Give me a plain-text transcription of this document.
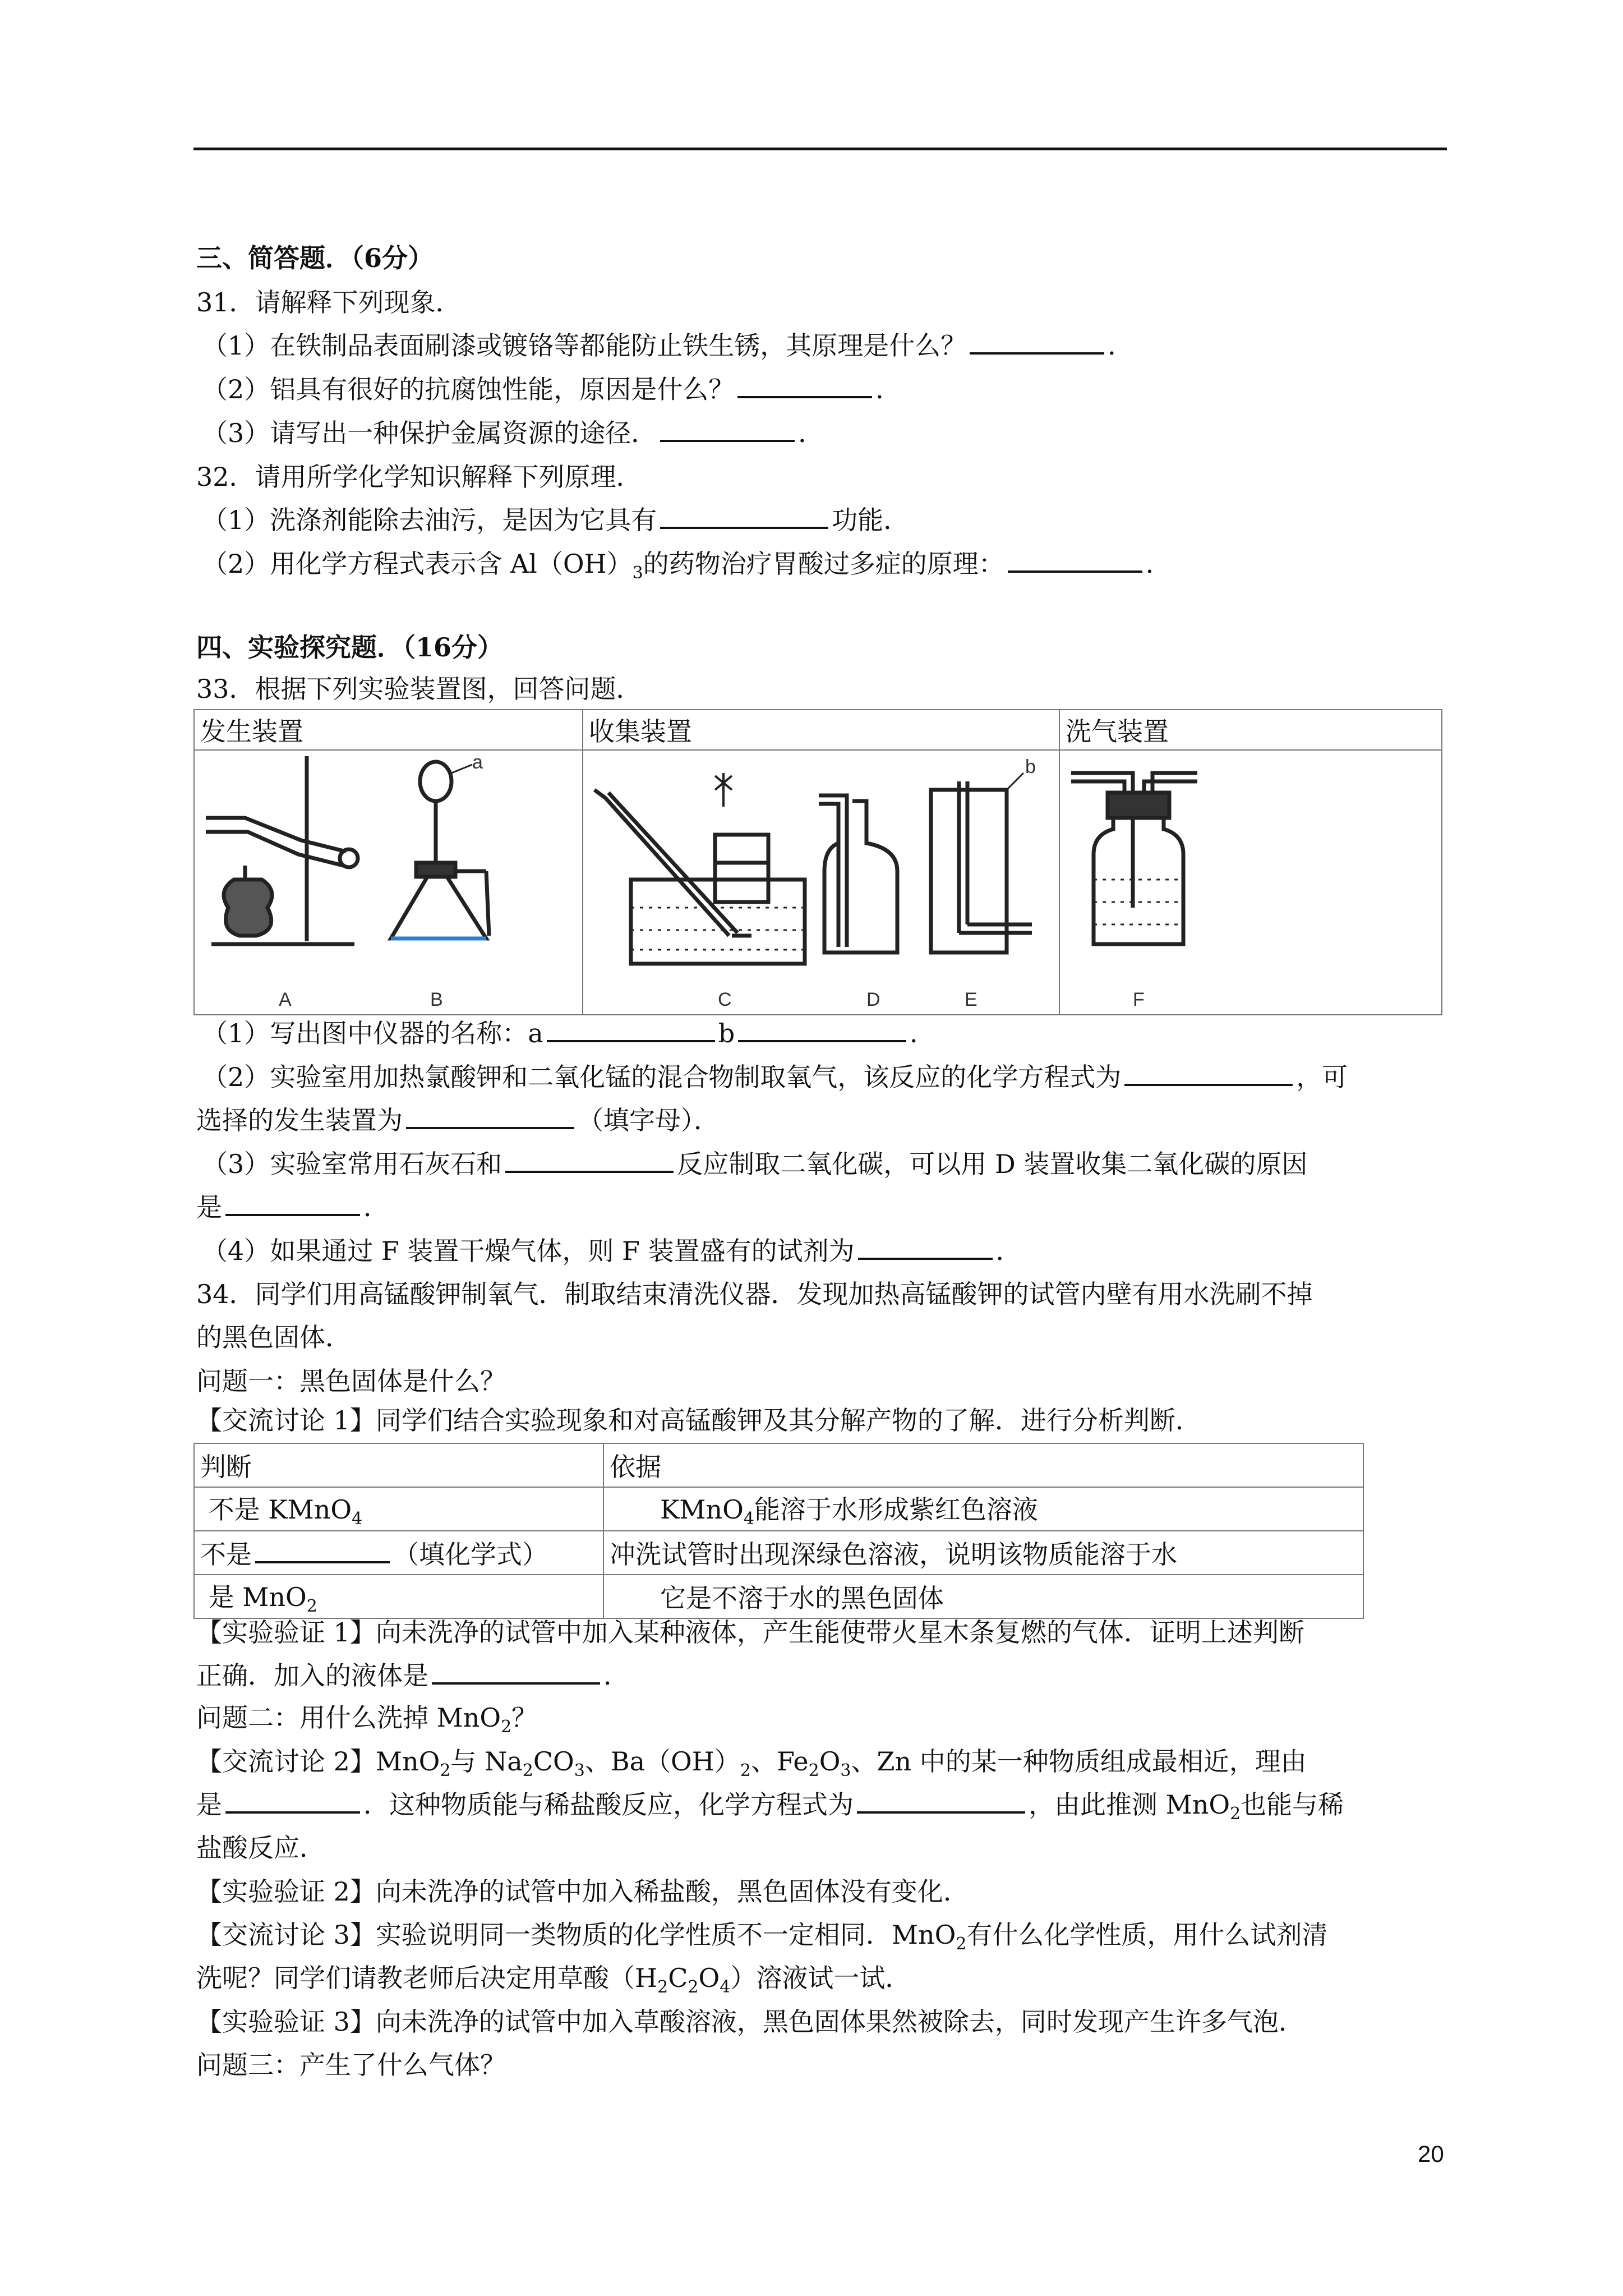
三、简答题．（6分）
31．请解释下列现象．
（1）在铁制品表面刷漆或镀铬等都能防止铁生锈，其原理是什么？	．
（2）铝具有很好的抗腐蚀性能，原因是什么？	．
（3）请写出一种保护金属资源的途径．	．
32．请用所学化学知识解释下列原理．
（1）洗涤剂能除去油污，是因为它具有	功能．
（2）用化学方程式表示含 $Al(OH)_3$的药物治疗胃酸过多症的原理：	．
四、实验探究题．（16分）
33．根据下列实验装置图，回答问题．
发生装置	收集装置	洗气装置

a
A B	b
C D E	F
（1）写出图中仪器的名称：a	b	．
（2）实验室用加热氯酸钾和二氧化锰的混合物制取氧气，该反应的化学方程式为	，可
选择的发生装置为	（填字母）．
（3）实验室常用石灰石和	反应制取二氧化碳，可以用 D 装置收集二氧化碳的原因
是	．
（4）如果通过 F 装置干燥气体，则 F 装置盛有的试剂为	．
34．同学们用高锰酸钾制氧气．制取结束清洗仪器．发现加热高锰酸钾的试管内壁有用水洗刷不掉
的黑色固体．
问题一：黑色固体是什么？
【交流讨论 1】同学们结合实验现象和对高锰酸钾及其分解产物的了解．进行分析判断．
判断	依据
不是 KMnO$_4$	KMnO$_4$能溶于水形成紫红色溶液
不是 （填化学式）	冲洗试管时出现深绿色溶液，说明该物质能溶于水
是 MnO$_2$	它是不溶于水的黑色固体
【实验验证 1】向未洗净的试管中加入某种液体，产生能使带火星木条复燃的气体．证明上述判断
正确．加入的液体是	．
问题二：用什么洗掉 MnO$_2$？
【交流讨论 2】MnO$_2$与 $Na_2CO_3$、$Ba(OH)_2$、$Fe_2O_3$、Zn 中的某一种物质组成最相近，理由
是	．这种物质能与稀盐酸反应，化学方程式为	，由此推测 MnO$_2$也能与稀
盐酸反应．
【实验验证 2】向未洗净的试管中加入稀盐酸，黑色固体没有变化．
【交流讨论 3】实验说明同一类物质的化学性质不一定相同．MnO$_2$有什么化学性质，用什么试剂清
洗呢？同学们请教老师后决定用草酸$(H_2C_2O_4)$溶液试一试．
【实验验证 3】向未洗净的试管中加入草酸溶液，黑色固体果然被除去，同时发现产生许多气泡．
问题三：产生了什么气体？
20
